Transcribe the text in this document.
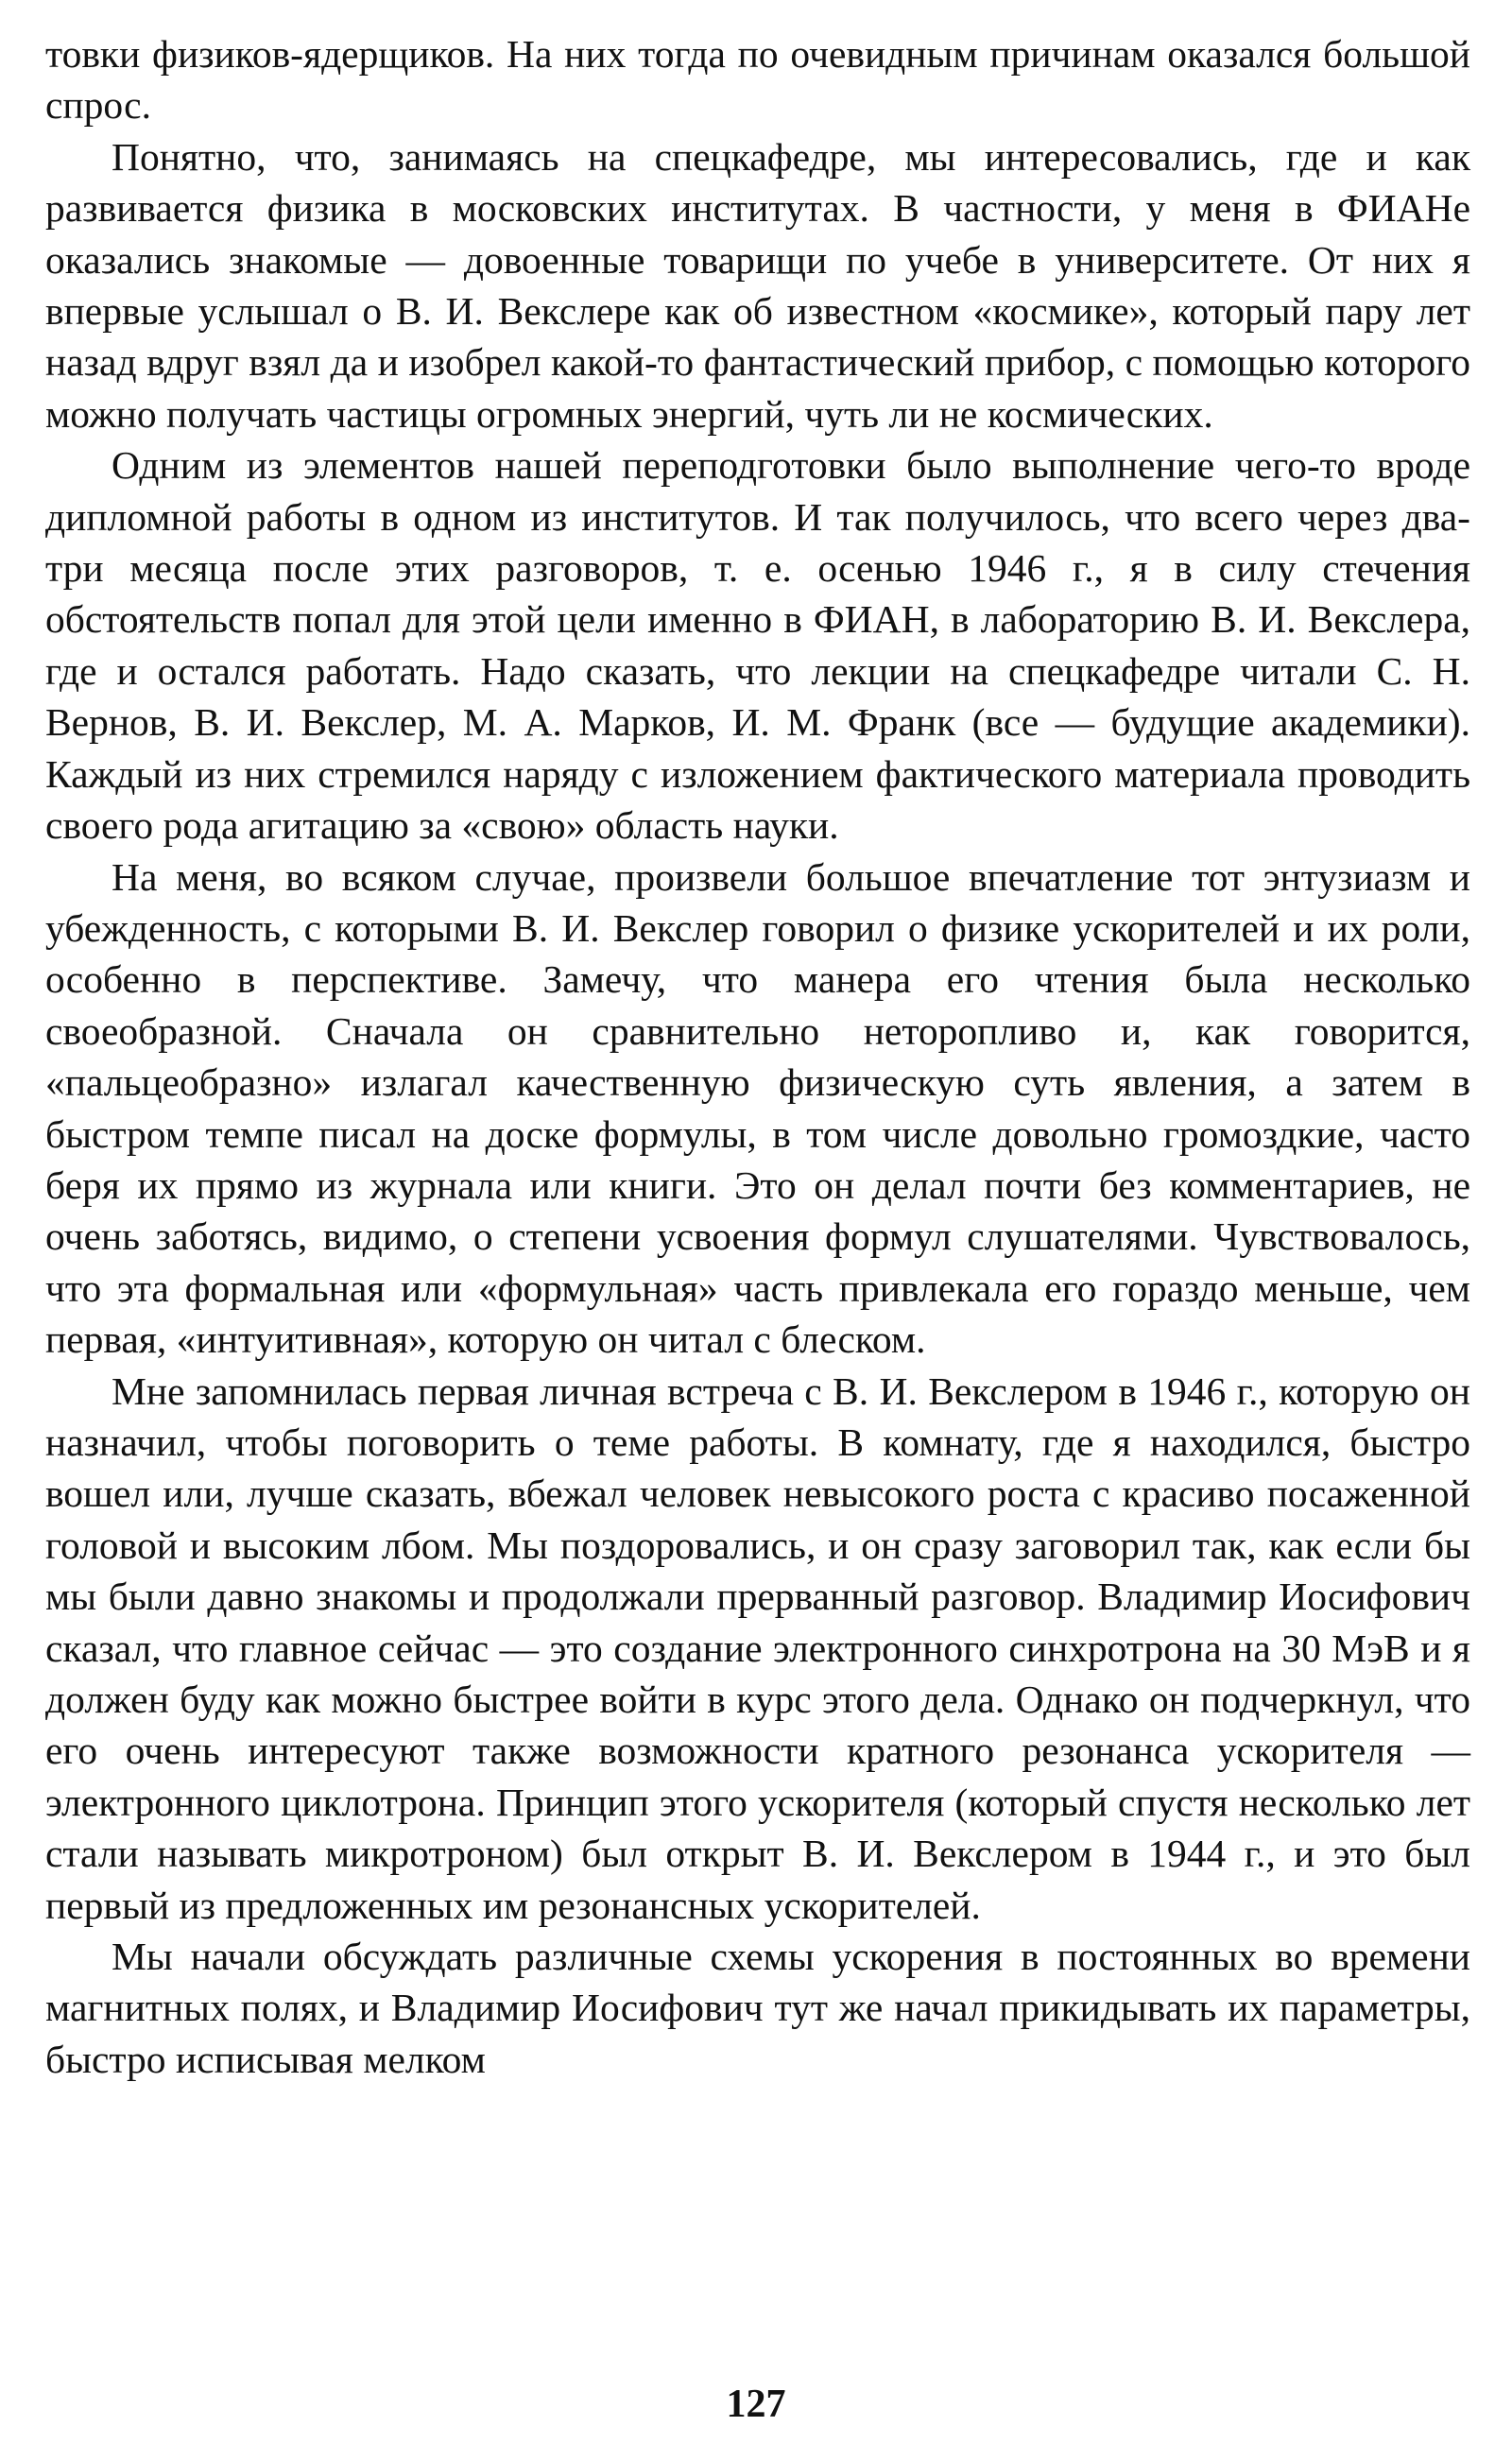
товки физиков-ядерщиков. На них тогда по очевидным причинам оказался большой спрос.

Понятно, что, занимаясь на спецкафедре, мы интересовались, где и как развивается физика в московских институтах. В частности, у меня в ФИАНе оказались знакомые — довоенные товарищи по учебе в университете. От них я впервые услышал о В. И. Векслере как об известном «космике», который пару лет назад вдруг взял да и изобрел какой-то фантастический прибор, с помощью которого можно получать частицы огромных энергий, чуть ли не космических.

Одним из элементов нашей переподготовки было выполнение чего-то вроде дипломной работы в одном из институтов. И так получилось, что всего через два-три месяца после этих разговоров, т. е. осенью 1946 г., я в силу стечения обстоятельств попал для этой цели именно в ФИАН, в лабораторию В. И. Векслера, где и остался работать. Надо сказать, что лекции на спецкафедре читали С. Н. Вернов, В. И. Векслер, М. А. Марков, И. М. Франк (все — будущие академики). Каждый из них стремился наряду с изложением фактического материала проводить своего рода агитацию за «свою» область науки.

На меня, во всяком случае, произвели большое впечатление тот энтузиазм и убежденность, с которыми В. И. Векслер говорил о физике ускорителей и их роли, особенно в перспективе. Замечу, что манера его чтения была несколько своеобразной. Сначала он сравнительно неторопливо и, как говорится, «пальцеобразно» излагал качественную физическую суть явления, а затем в быстром темпе писал на доске формулы, в том числе довольно громоздкие, часто беря их прямо из журнала или книги. Это он делал почти без комментариев, не очень заботясь, видимо, о степени усвоения формул слушателями. Чувствовалось, что эта формальная или «формульная» часть привлекала его гораздо меньше, чем первая, «интуитивная», которую он читал с блеском.

Мне запомнилась первая личная встреча с В. И. Векслером в 1946 г., которую он назначил, чтобы поговорить о теме работы. В комнату, где я находился, быстро вошел или, лучше сказать, вбежал человек невысокого роста с красиво посаженной головой и высоким лбом. Мы поздоровались, и он сразу заговорил так, как если бы мы были давно знакомы и продолжали прерванный разговор. Владимир Иосифович сказал, что главное сейчас — это создание электронного синхротрона на 30 МэВ и я должен буду как можно быстрее войти в курс этого дела. Однако он подчеркнул, что его очень интересуют также возможности кратного резонанса ускорителя — электронного циклотрона. Принцип этого ускорителя (который спустя несколько лет стали называть микротроном) был открыт В. И. Векслером в 1944 г., и это был первый из предложенных им резонансных ускорителей.

Мы начали обсуждать различные схемы ускорения в постоянных во времени магнитных полях, и Владимир Иосифович тут же начал прикидывать их параметры, быстро исписывая мелком

127
